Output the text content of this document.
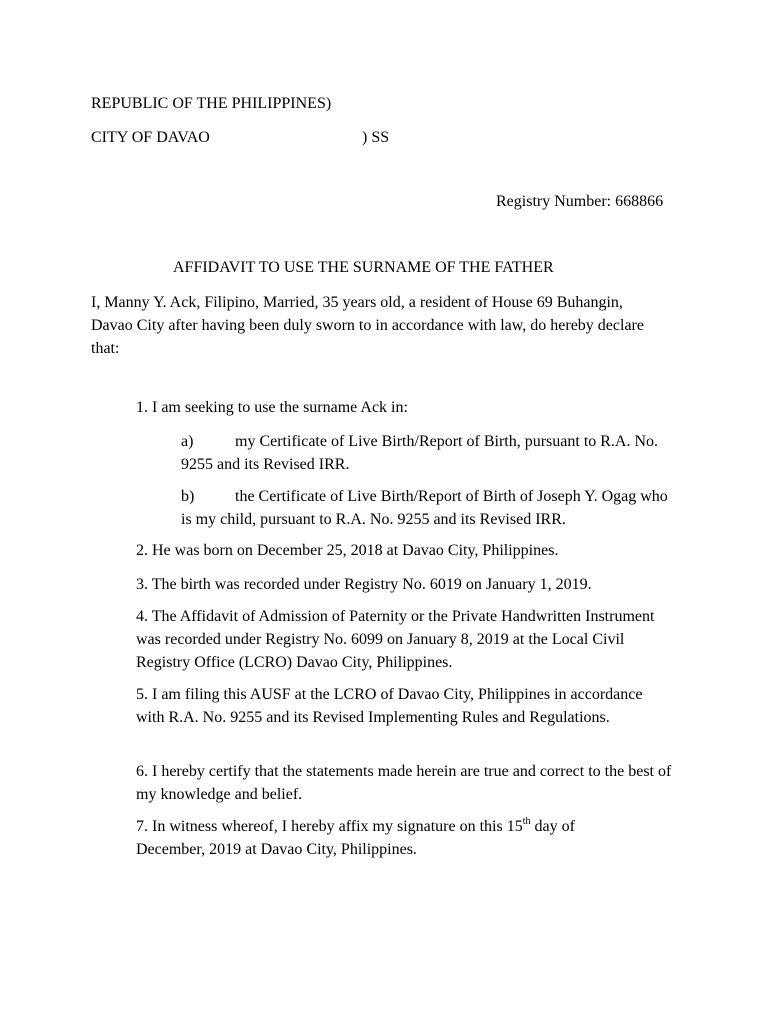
REPUBLIC OF THE PHILIPPINES)
CITY OF DAVAO	) SS
Registry Number: 668866
AFFIDAVIT TO USE THE SURNAME OF THE FATHER
I, Manny Y. Ack, Filipino, Married, 35 years old, a resident of House 69 Buhangin, Davao City after having been duly sworn to in accordance with law, do hereby declare that:
1. I am seeking to use the surname Ack in:
a)	my Certificate of Live Birth/Report of Birth, pursuant to R.A. No. 9255 and its Revised IRR.
b)	the Certificate of Live Birth/Report of Birth of Joseph Y. Ogag who is my child, pursuant to R.A. No. 9255 and its Revised IRR.
2. He was born on December 25, 2018 at Davao City, Philippines.
3. The birth was recorded under Registry No. 6019 on January 1, 2019.
4. The Affidavit of Admission of Paternity or the Private Handwritten Instrument was recorded under Registry No. 6099 on January 8, 2019 at the Local Civil Registry Office (LCRO) Davao City, Philippines.
5. I am filing this AUSF at the LCRO of Davao City, Philippines in accordance with R.A. No. 9255 and its Revised Implementing Rules and Regulations.
6. I hereby certify that the statements made herein are true and correct to the best of my knowledge and belief.
7. In witness whereof, I hereby affix my signature on this 15th day of December, 2019 at Davao City, Philippines.
